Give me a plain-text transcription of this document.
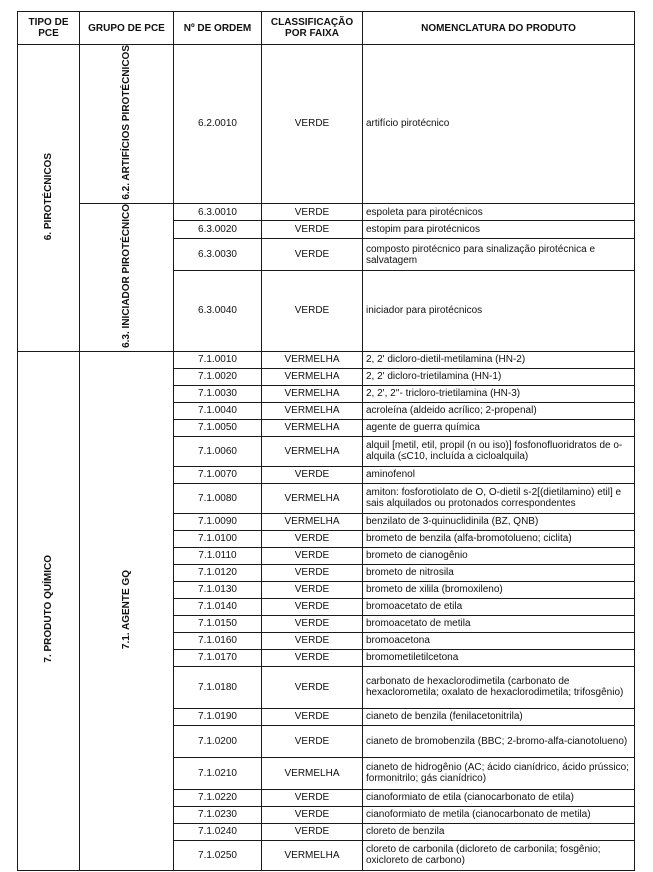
TIPO DE PCE	GRUPO DE PCE	Nº DE ORDEM	CLASSIFICAÇÃO POR FAIXA	NOMENCLATURA DO PRODUTO
6. PIROTÉCNICOS	6.2. ARTIFÍCIOS PIROTÉCNICOS	6.2.0010	VERDE	artifício pirotécnico
	6.3. INICIADOR PIROTÉCNICO	6.3.0010	VERDE	espoleta para pirotécnicos
		6.3.0020	VERDE	estopim para pirotécnicos
		6.3.0030	VERDE	composto pirotécnico para sinalização pirotécnica e salvatagem
		6.3.0040	VERDE	iniciador para pirotécnicos
7. PRODUTO QUÍMICO	7.1. AGENTE GQ	7.1.0010	VERMELHA	2, 2' dicloro-dietil-metilamina (HN-2)
		7.1.0020	VERMELHA	2, 2' dicloro-trietilamina (HN-1)
		7.1.0030	VERMELHA	2, 2', 2''- tricloro-trietilamina (HN-3)
		7.1.0040	VERMELHA	acroleína (aldeido acrílico; 2-propenal)
		7.1.0050	VERMELHA	agente de guerra química
		7.1.0060	VERMELHA	alquil [metil, etil, propil (n ou iso)] fosfonofluoridratos de o-alquila (≤C10, incluída a cicloalquila)
		7.1.0070	VERDE	aminofenol
		7.1.0080	VERMELHA	amiton: fosforotiolato de O, O-dietil s-2[(dietilamino) etil] e sais alquilados ou protonados correspondentes
		7.1.0090	VERMELHA	benzilato de 3-quinuclidinila (BZ, QNB)
		7.1.0100	VERDE	brometo de benzila (alfa-bromotolueno; ciclita)
		7.1.0110	VERDE	brometo de cianogênio
		7.1.0120	VERDE	brometo de nitrosila
		7.1.0130	VERDE	brometo de xilila (bromoxileno)
		7.1.0140	VERDE	bromoacetato de etila
		7.1.0150	VERDE	bromoacetato de metila
		7.1.0160	VERDE	bromoacetona
		7.1.0170	VERDE	bromometiletilcetona
		7.1.0180	VERDE	carbonato de hexaclorodimetila (carbonato de hexaclorometila; oxalato de hexaclorodimetila; trifosgênio)
		7.1.0190	VERDE	cianeto de benzila (fenilacetonitrila)
		7.1.0200	VERDE	cianeto de bromobenzila (BBC; 2-bromo-alfa-cianotolueno)
		7.1.0210	VERMELHA	cianeto de hidrogênio (AC; ácido cianídrico, ácido prússico; formonitrilo; gás cianídrico)
		7.1.0220	VERDE	cianoformiato de etila (cianocarbonato de etila)
		7.1.0230	VERDE	cianoformiato de metila (cianocarbonato de metila)
		7.1.0240	VERDE	cloreto de benzila
		7.1.0250	VERMELHA	cloreto de carbonila (dicloreto de carbonila; fosgênio; oxicloreto de carbono)
